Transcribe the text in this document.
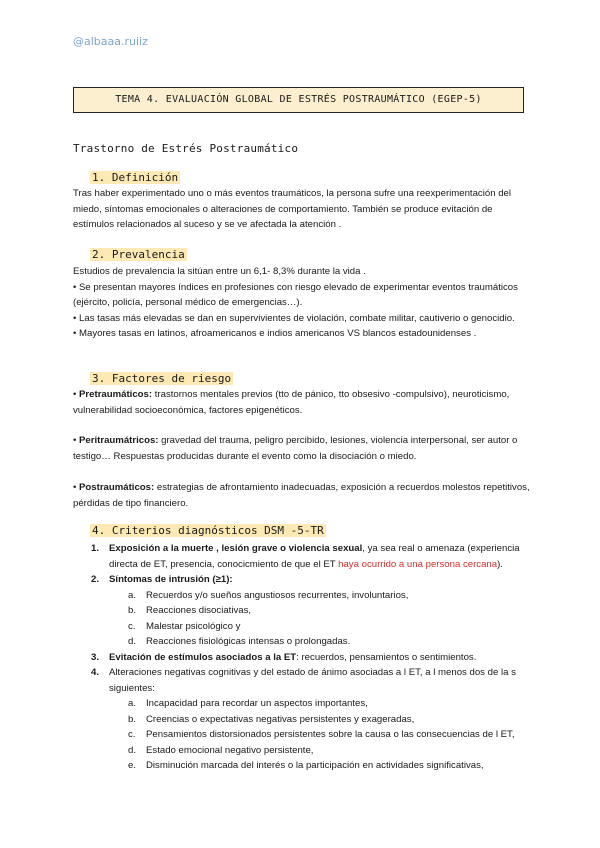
@albaaa.ruiiz
TEMA 4. EVALUACIÓN GLOBAL DE ESTRÉS POSTRAUMÁTICO (EGEP-5)
Trastorno de Estrés Postraumático
1. Definición
Tras haber experimentado uno o más eventos traumáticos, la persona sufre una reexperimentación del miedo, síntomas emocionales o alteraciones de comportamiento. También se produce evitación de estímulos relacionados al suceso y se ve afectada la atención .
2. Prevalencia
Estudios de prevalencia la sitúan entre un 6,1- 8,3% durante la vida .
• Se presentan mayores índices en profesiones con riesgo elevado de experimentar eventos traumáticos (ejército, policía, personal médico de emergencias…).
• Las tasas más elevadas se dan en supervivientes de violación, combate militar, cautiverio o genocidio.
• Mayores tasas en latinos, afroamericanos e indios americanos VS blancos estadounidenses .
3. Factores de riesgo
• Pretraumáticos: trastornos mentales previos (tto de pánico, tto obsesivo -compulsivo), neuroticismo, vulnerabilidad socioeconómica, factores epigenéticos.
• Peritraumátricos: gravedad del trauma, peligro percibido, lesiones, violencia interpersonal, ser autor o testigo… Respuestas producidas durante el evento como la disociación o miedo.
• Postraumáticos: estrategias de afrontamiento inadecuadas, exposición a recuerdos molestos repetitivos, pérdidas de tipo financiero.
4. Criterios diagnósticos DSM -5-TR
1. Exposición a la muerte , lesión grave o violencia sexual, ya sea real o amenaza (experiencia directa de ET, presencia, conocicmiento de que el ET haya ocurrido a una persona cercana).
2. Síntomas de intrusión (≥1):
a. Recuerdos y/o sueños angustiosos recurrentes, involuntarios,
b. Reacciones disociativas,
c. Malestar psicológico y
d. Reacciones fisiológicas intensas o prolongadas.
3. Evitación de estímulos asociados a la ET: recuerdos, pensamientos o sentimientos.
4. Alteraciones negativas cognitivas y del estado de ánimo asociadas a l ET, a l menos dos de la s siguientes:
a. Incapacidad para recordar un aspectos importantes,
b. Creencias o expectativas negativas persistentes y exageradas,
c. Pensamientos distorsionados persistentes sobre la causa o las consecuencias de l ET,
d. Estado emocional negativo persistente,
e. Disminución marcada del interés o la participación en actividades significativas,
